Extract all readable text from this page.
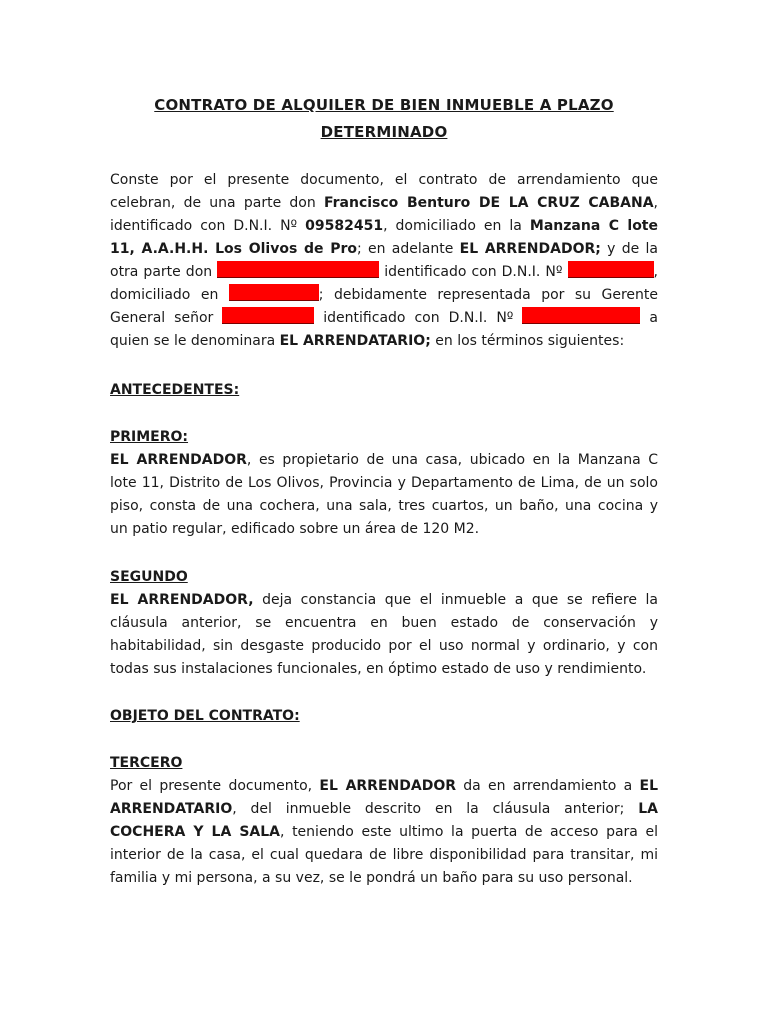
CONTRATO DE ALQUILER DE BIEN INMUEBLE A PLAZO DETERMINADO
Conste por el presente documento, el contrato de arrendamiento que
celebran, de una parte don Francisco Benturo DE LA CRUZ CABANA,
identificado con D.N.I. Nº 09582451, domiciliado en la Manzana C lote
11, A.A.H.H. Los Olivos de Pro; en adelante EL ARRENDADOR; y de la
otra parte don	identificado con D.N.I. Nº	,
domiciliado en	; debidamente representada por su Gerente
General señor	identificado con D.N.I. Nº	a
quien se le denominara EL ARRENDATARIO; en los términos siguientes:
ANTECEDENTES:
PRIMERO:
EL ARRENDADOR, es propietario de una casa, ubicado en la Manzana C
lote 11, Distrito de Los Olivos, Provincia y Departamento de Lima, de un solo
piso, consta de una cochera, una sala, tres cuartos, un baño, una cocina y
un patio regular, edificado sobre un área de 120 M2.
SEGUNDO
EL ARRENDADOR, deja constancia que el inmueble a que se refiere la
cláusula anterior, se encuentra en buen estado de conservación y
habitabilidad, sin desgaste producido por el uso normal y ordinario, y con
todas sus instalaciones funcionales, en óptimo estado de uso y rendimiento.
OBJETO DEL CONTRATO:
TERCERO
Por el presente documento, EL ARRENDADOR da en arrendamiento a EL
ARRENDATARIO, del inmueble descrito en la cláusula anterior; LA
COCHERA Y LA SALA, teniendo este ultimo la puerta de acceso para el
interior de la casa, el cual quedara de libre disponibilidad para transitar, mi
familia y mi persona, a su vez, se le pondrá un baño para su uso personal.
